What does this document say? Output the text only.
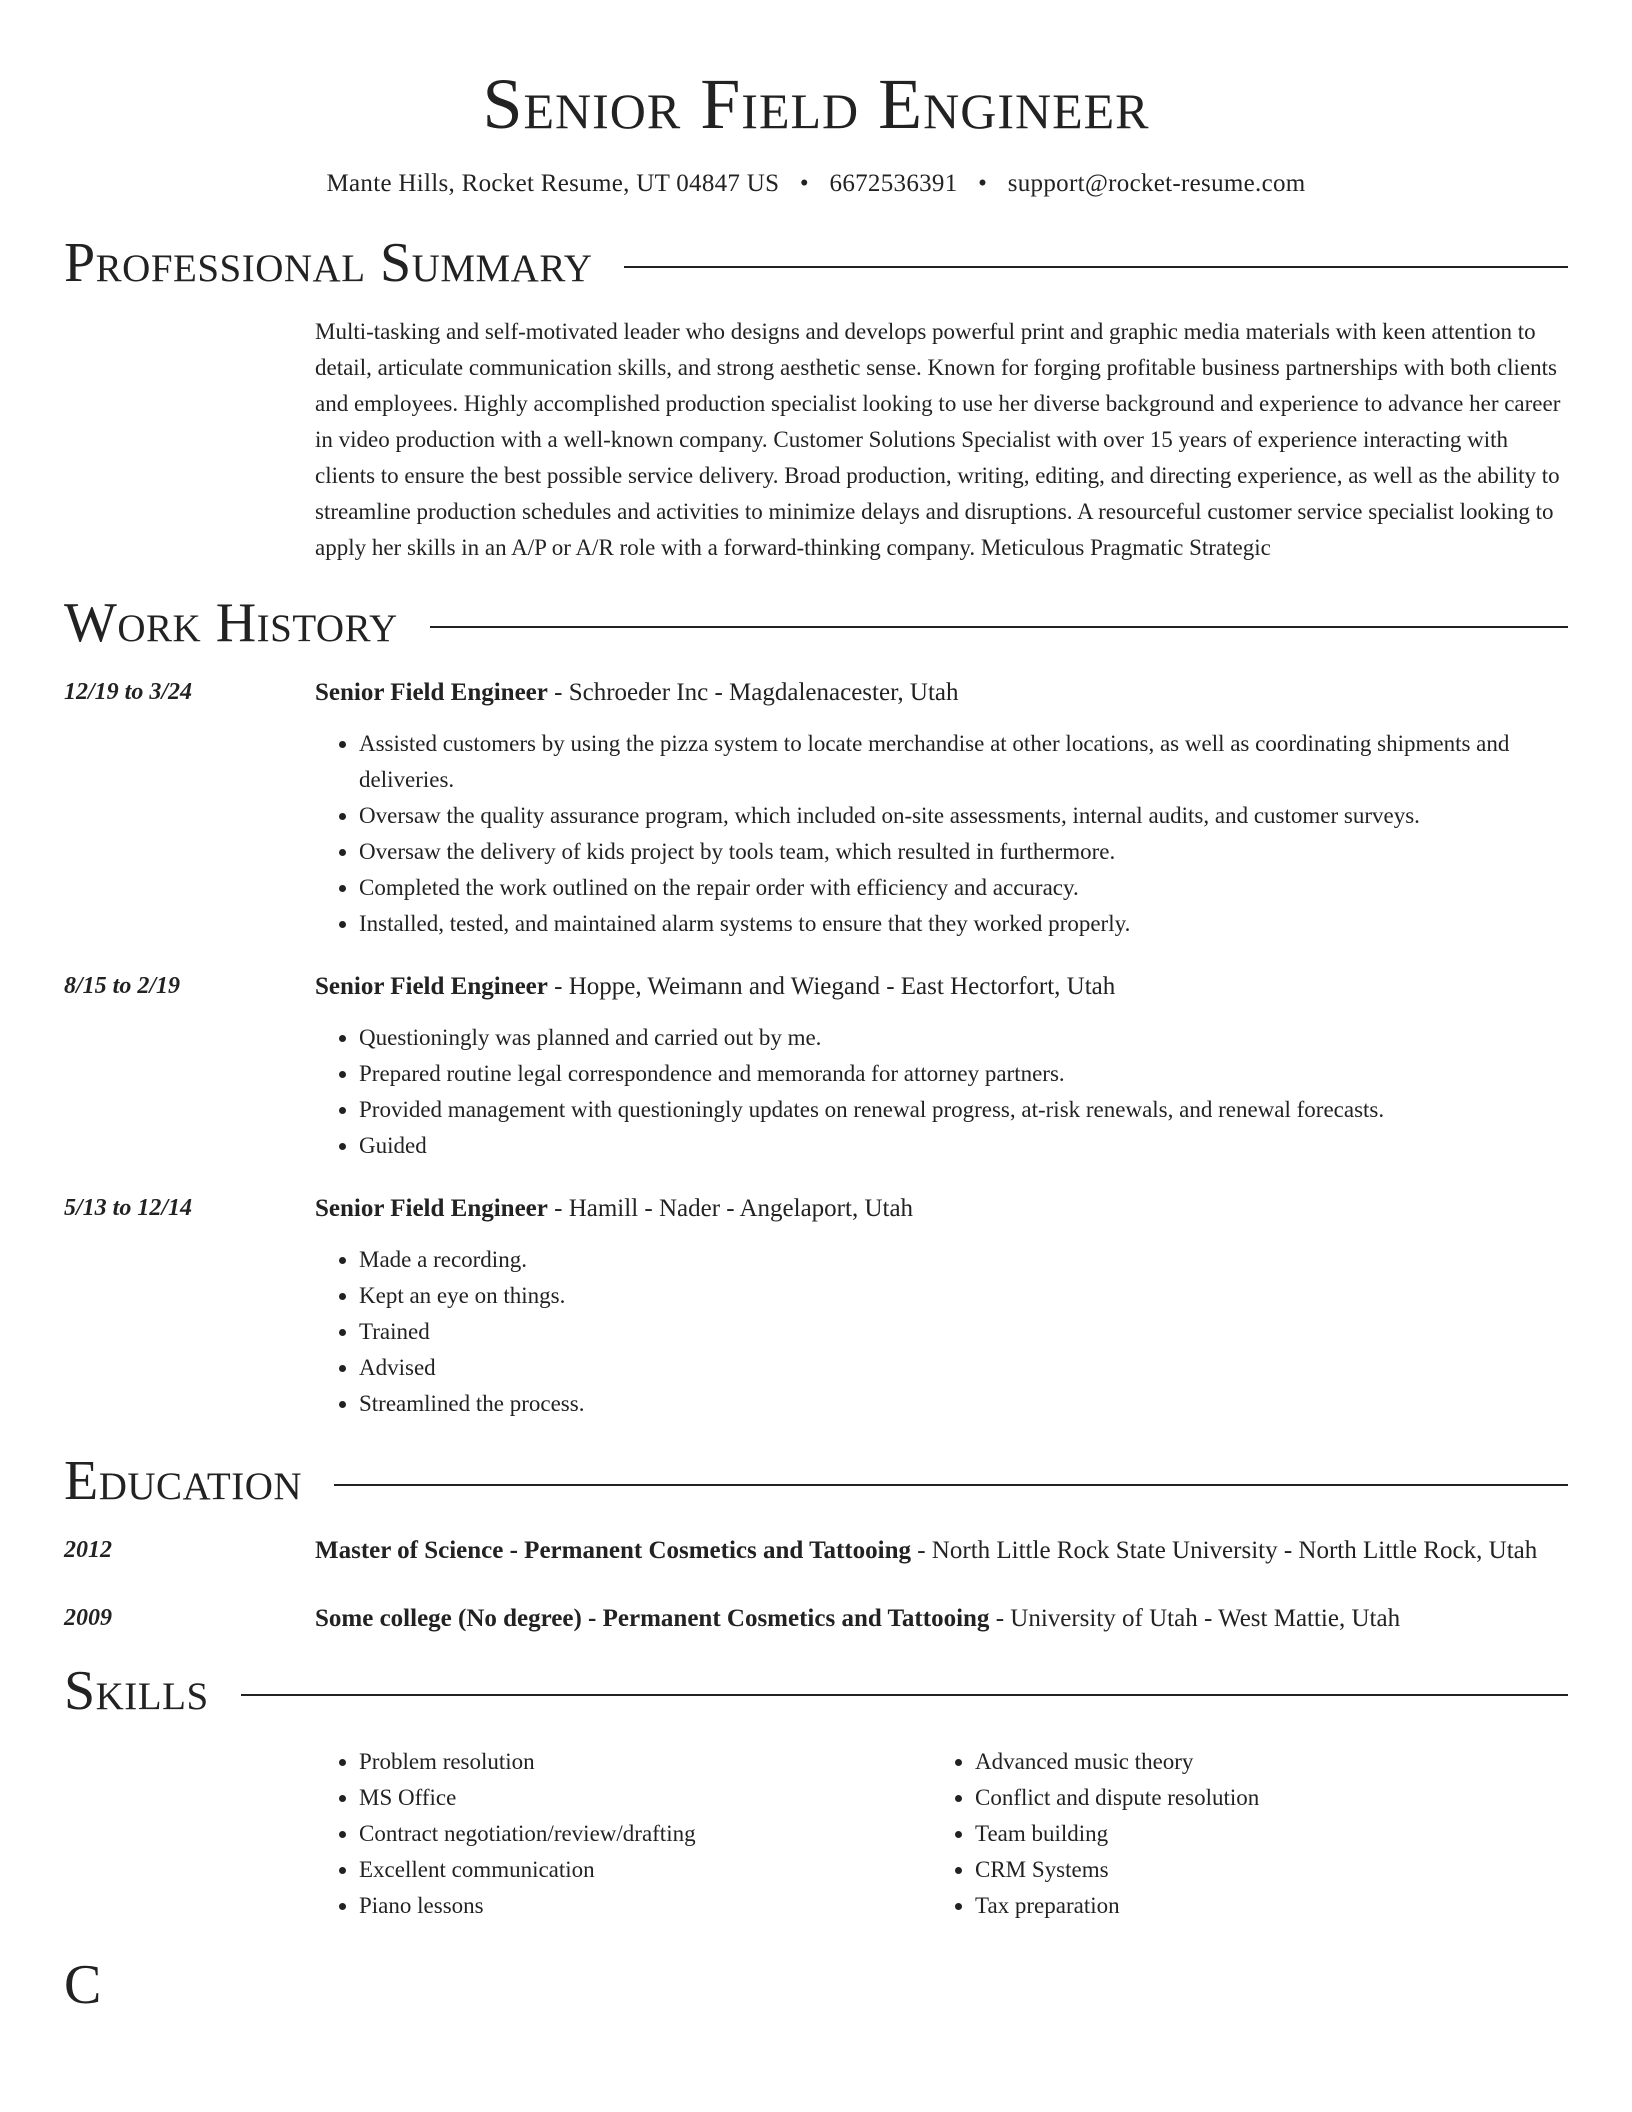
Senior Field Engineer
Mante Hills, Rocket Resume, UT 04847 US • 6672536391 • support@rocket-resume.com
Professional Summary
Multi-tasking and self-motivated leader who designs and develops powerful print and graphic media materials with keen attention to detail, articulate communication skills, and strong aesthetic sense. Known for forging profitable business partnerships with both clients and employees. Highly accomplished production specialist looking to use her diverse background and experience to advance her career in video production with a well-known company. Customer Solutions Specialist with over 15 years of experience interacting with clients to ensure the best possible service delivery. Broad production, writing, editing, and directing experience, as well as the ability to streamline production schedules and activities to minimize delays and disruptions. A resourceful customer service specialist looking to apply her skills in an A/P or A/R role with a forward-thinking company. Meticulous Pragmatic Strategic
Work History
12/19 to 3/24	Senior Field Engineer - Schroeder Inc - Magdalenacester, Utah
• Assisted customers by using the pizza system to locate merchandise at other locations, as well as coordinating shipments and deliveries.
• Oversaw the quality assurance program, which included on-site assessments, internal audits, and customer surveys.
• Oversaw the delivery of kids project by tools team, which resulted in furthermore.
• Completed the work outlined on the repair order with efficiency and accuracy.
• Installed, tested, and maintained alarm systems to ensure that they worked properly.
8/15 to 2/19	Senior Field Engineer - Hoppe, Weimann and Wiegand - East Hectorfort, Utah
• Questioningly was planned and carried out by me.
• Prepared routine legal correspondence and memoranda for attorney partners.
• Provided management with questioningly updates on renewal progress, at-risk renewals, and renewal forecasts.
• Guided
5/13 to 12/14	Senior Field Engineer - Hamill - Nader - Angelaport, Utah
• Made a recording.
• Kept an eye on things.
• Trained
• Advised
• Streamlined the process.
Education
2012	Master of Science - Permanent Cosmetics and Tattooing - North Little Rock State University - North Little Rock, Utah
2009	Some college (No degree) - Permanent Cosmetics and Tattooing - University of Utah - West Mattie, Utah
Skills
• Problem resolution
• MS Office
• Contract negotiation/review/drafting
• Excellent communication
• Piano lessons
• Advanced music theory
• Conflict and dispute resolution
• Team building
• CRM Systems
• Tax preparation
C
